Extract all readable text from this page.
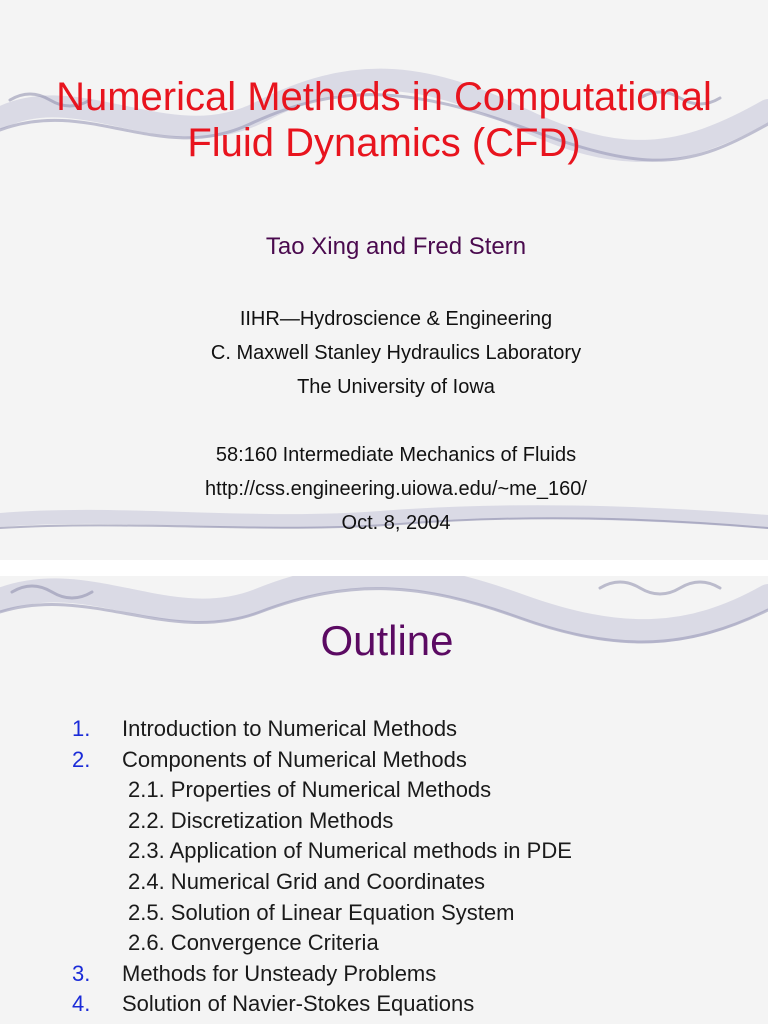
Numerical Methods in Computational
Fluid Dynamics (CFD)
Tao Xing and Fred Stern
IIHR—Hydroscience & Engineering
C. Maxwell Stanley Hydraulics Laboratory
The University of Iowa
58:160 Intermediate Mechanics of Fluids
http://css.engineering.uiowa.edu/~me_160/
Oct. 8, 2004
Outline
1. Introduction to Numerical Methods
2. Components of Numerical Methods
2.1. Properties of Numerical Methods
2.2. Discretization Methods
2.3. Application of Numerical methods in PDE
2.4. Numerical Grid and Coordinates
2.5. Solution of Linear Equation System
2.6. Convergence Criteria
3. Methods for Unsteady Problems
4. Solution of Navier-Stokes Equations
